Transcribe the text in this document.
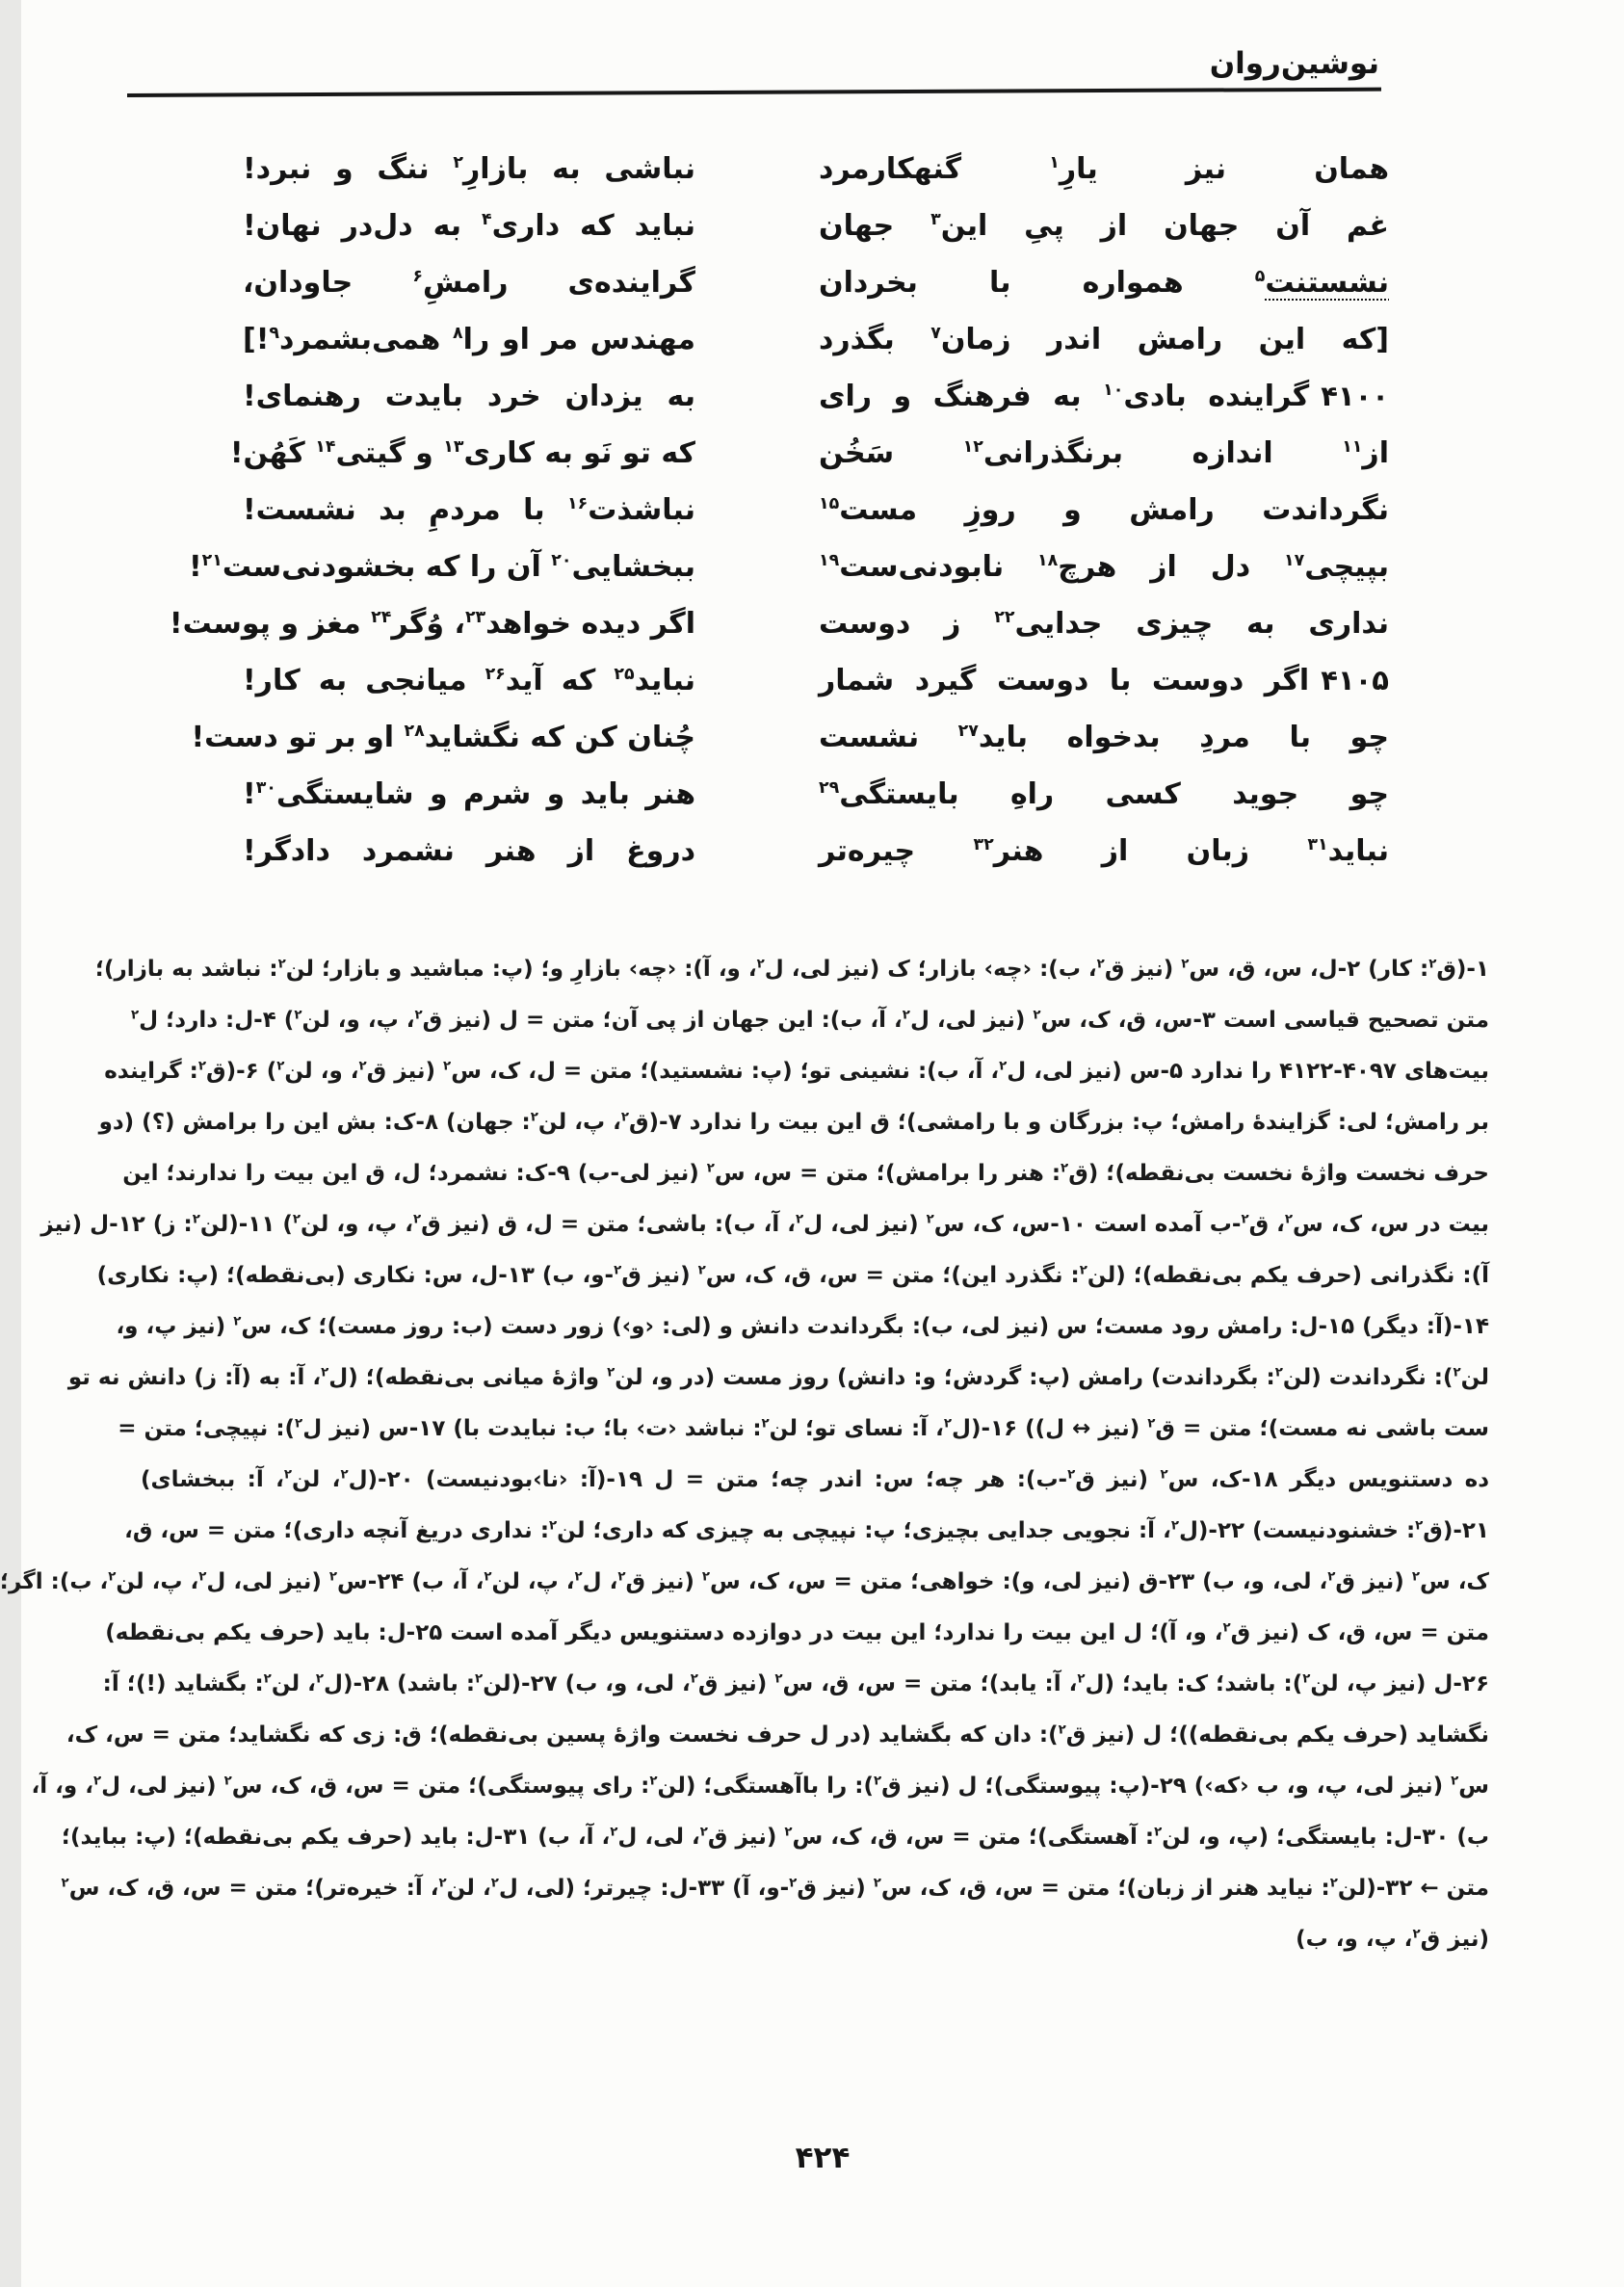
نوشین‌روان
همان نیز یارِ$^۱$ گنهکارمرد
نباشی به بازارِ$^۲$ ننگ و نبرد!
غم آن جهان از پیِ این$^۳$ جهان
نباید که داری$^۴$ به دل‌در نهان!
نشستنت$^۵$ همواره با بخردان
گراینده‌ی رامشِ$^۶$ جاودان،
[که این رامش اندر زمان$^۷$ بگذرد
مهندس مر او را$^۸$ همی‌بشمرد$^۹$!]
۴۱۰۰
گراینده بادی$^{۱۰}$ به فرهنگ و رای
به یزدان خرد بایدت رهنمای!
از$^{۱۱}$ اندازه برنگذرانی$^{۱۲}$ سَخُن
که تو نَو به کاری$^{۱۳}$ و گیتی$^{۱۴}$ کَهُن!
نگرداندت رامش و روزِ مست$^{۱۵}$
نباشذت$^{۱۶}$ با مردمِ بد نشست!
بپیچی$^{۱۷}$ دل از هرچ$^{۱۸}$ نابودنی‌ست$^{۱۹}$
ببخشایی$^{۲۰}$ آن را که بخشودنی‌ست$^{۲۱}$!
نداری به چیزی جدایی$^{۲۲}$ ز دوست
اگر دیده خواهد$^{۲۳}$، وُگر$^{۲۴}$ مغز و پوست!
۴۱۰۵
اگر دوست با دوست گیرد شمار
نباید$^{۲۵}$ که آید$^{۲۶}$ میانجی به کار!
چو با مردِ بدخواه باید$^{۲۷}$ نشست
چُنان کن که نگشاید$^{۲۸}$ او بر تو دست!
چو جوید کسی راهِ بایستگی$^{۲۹}$
هنر باید و شرم و شایستگی$^{۳۰}$!
نباید$^{۳۱}$ زبان از هنر$^{۳۲}$ چیره‌تر
دروغ از هنر نشمرد دادگر!
۱-(ق$^۲$: کار) ۲-ل، س، ق، س$^۲$ (نیز ق$^۲$، ب): ‹چه› بازار؛ ک (نیز لی، ل$^۲$، و، آ): ‹چه› بازارِ و؛ (پ: مباشید و بازار؛ لن$^۲$: نباشد به بازار)؛
متن تصحیح قیاسی است ۳-س، ق، ک، س$^۲$ (نیز لی، ل$^۲$، آ، ب): این جهان از پی آن؛ متن = ل (نیز ق$^۲$، پ، و، لن$^۲$) ۴-ل: دارد؛ ل$^۲$
بیت‌های ۴۰۹۷‏-‏۴۱۲۲ را ندارد ۵-س (نیز لی، ل$^۲$، آ، ب): نشینی تو؛ (پ: نشستید)؛ متن = ل، ک، س$^۲$ (نیز ق$^۲$، و، لن$^۲$) ۶-(ق$^۲$: گراینده
بر رامش؛ لی: گزایندهٔ رامش؛ پ: بزرگان و با رامشی)؛ ق این بیت را ندارد ۷-(ق$^۲$، پ، لن$^۲$: جهان) ۸-ک: بش این را برامش (؟) (دو
حرف نخست واژهٔ نخست بی‌نقطه)؛ (ق$^۲$: هنر را برامش)؛ متن = س، س$^۲$ (نیز لی-ب) ۹-ک: نشمرد؛ ل، ق این بیت را ندارند؛ این
بیت در س، ک، س$^۲$، ق$^۲$-ب آمده است ۱۰-س، ک، س$^۲$ (نیز لی، ل$^۲$، آ، ب): باشی؛ متن = ل، ق (نیز ق$^۲$، پ، و، لن$^۲$) ۱۱-(لن$^۲$: ز) ۱۲-ل (نیز
آ): نگذرانی (حرف یکم بی‌نقطه)؛ (لن$^۲$: نگذرد این)؛ متن = س، ق، ک، س$^۲$ (نیز ق$^۲$-و، ب) ۱۳-ل، س: نکاری (بی‌نقطه)؛ (پ: نکاری)
۱۴-(آ: دیگر) ۱۵-ل: رامش رود مست؛ س (نیز لی، ب): بگرداندت دانش و (لی: ‹و›) زور دست (ب: روز مست)؛ ک، س$^۲$ (نیز پ، و،
لن$^۲$): نگرداندت (لن$^۲$: بگرداندت) رامش (پ: گردش؛ و: دانش) روز مست (در و، لن$^۲$ واژهٔ میانی بی‌نقطه)؛ (ل$^۲$، آ: به (آ: ز) دانش نه تو
ست باشی نه مست)؛ متن = ق$^۲$ (نیز ↔ ل)) ۱۶-(ل$^۲$، آ: نسای تو؛ لن$^۲$: نباشد ‹ت› با؛ ب: نبایدت با) ۱۷-س (نیز ل$^۲$): نپیچی؛ متن =
ده دستنویس دیگر ۱۸-ک، س$^۲$ (نیز ق$^۲$-ب): هر چه؛ س: اندر چه؛ متن = ل ۱۹-(آ: ‹نا›بودنیست) ۲۰-(ل$^۲$، لن$^۲$، آ: ببخشای)
۲۱-(ق$^۲$: خشنودنیست) ۲۲-(ل$^۲$، آ: نجویی جدایی بچیزی؛ پ: نپیچی به چیزی که داری؛ لن$^۲$: نداری دریغ آنچه داری)؛ متن = س، ق،
ک، س$^۲$ (نیز ق$^۲$، لی، و، ب) ۲۳-ق (نیز لی، و): خواهی؛ متن = س، ک، س$^۲$ (نیز ق$^۲$، ل$^۲$، پ، لن$^۲$، آ، ب) ۲۴-س$^۲$ (نیز لی، ل$^۲$، پ، لن$^۲$، ب): اگر؛
متن = س، ق، ک (نیز ق$^۲$، و، آ)؛ ل این بیت را ندارد؛ این بیت در دوازده دستنویس دیگر آمده است ۲۵-ل: باید (حرف یکم بی‌نقطه)
۲۶-ل (نیز پ، لن$^۲$): باشد؛ ک: باید؛ (ل$^۲$، آ: یابد)؛ متن = س، ق، س$^۲$ (نیز ق$^۲$، لی، و، ب) ۲۷-(لن$^۲$: باشد) ۲۸-(ل$^۲$، لن$^۲$: بگشاید (!)؛ آ:
نگشاید (حرف یکم بی‌نقطه))؛ ل (نیز ق$^۲$): دان که بگشاید (در ل حرف نخست واژهٔ پسین بی‌نقطه)؛ ق: زی که نگشاید؛ متن = س، ک،
س$^۲$ (نیز لی، پ، و، ب ‹که›) ۲۹-(پ: پیوستگی)؛ ل (نیز ق$^۲$): را باآهستگی؛ (لن$^۲$: رای پیوستگی)؛ متن = س، ق، ک، س$^۲$ (نیز لی، ل$^۲$، و، آ،
ب) ۳۰-ل: بایستگی؛ (پ، و، لن$^۲$: آهستگی)؛ متن = س، ق، ک، س$^۲$ (نیز ق$^۲$، لی، ل$^۲$، آ، ب) ۳۱-ل: باید (حرف یکم بی‌نقطه)؛ (پ: بباید)؛
متن ← ۳۲-(لن$^۲$: نیاید هنر از زبان)؛ متن = س، ق، ک، س$^۲$ (نیز ق$^۲$-و، آ) ۳۳-ل: چیرتر؛ (لی، ل$^۲$، لن$^۲$، آ: خیره‌تر)؛ متن = س، ق، ک، س$^۲$
(نیز ق$^۲$، پ، و، ب)
۴۲۴
